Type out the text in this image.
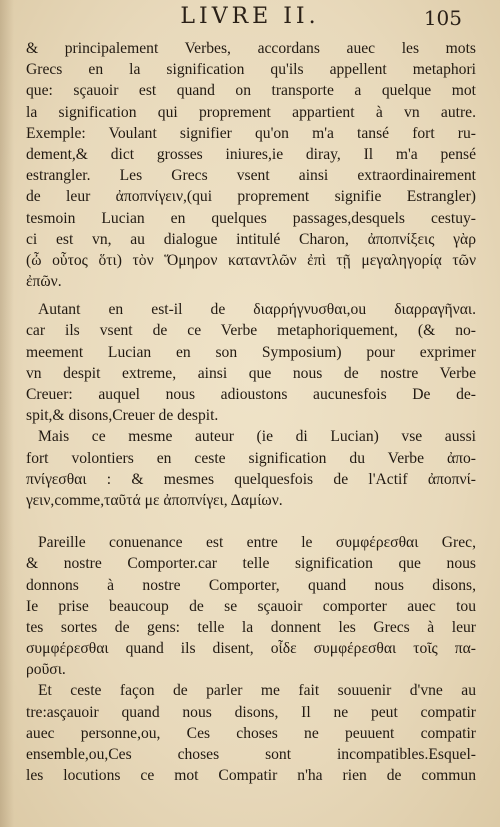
LIVRE II.	105
& principalement Verbes, accordans auec les mots
Grecs en la signification qu'ils appellent metaphori
que: sçauoir est quand on transporte a quelque mot
la signification qui proprement appartient à vn autre.
Exemple: Voulant signifier qu'on m'a tansé fort ru-
dement,& dict grosses iniures,ie diray, Il m'a pensé
estrangler. Les Grecs vsent ainsi extraordinairement
de leur ἀποπνίγειν,(qui proprement signifie Estrangler)
tesmoin Lucian en quelques passages,desquels cestuy-
ci est vn, au dialogue intitulé Charon, ἀποπνίξεις γὰρ
(ὦ οὗτος ὅτι) τὸν Ὅμηρον καταντλῶν ἐπὶ τῇ μεγαληγορίᾳ τῶν
ἐπῶν.
Autant en est-il de διαρρήγνυσθαι,ou διαρραγῆναι.
car ils vsent de ce Verbe metaphoriquement, (& no-
meement Lucian en son Symposium) pour exprimer
vn despit extreme, ainsi que nous de nostre Verbe
Creuer: auquel nous adioustons aucunesfois De de-
spit,& disons,Creuer de despit.
Mais ce mesme auteur (ie di Lucian) vse aussi
fort volontiers en ceste signification du Verbe ἀπο-
πνίγεσθαι : & mesmes quelquesfois de l'Actif ἀποπνί-
γειν,comme,ταῦτά με ἀποπνίγει, Δαμίων.
Pareille conuenance est entre le συμφέρεσθαι Grec,
& nostre Comporter.car telle signification que nous
donnons à nostre Comporter, quand nous disons,
Ie prise beaucoup de se sçauoir comporter auec tou
tes sortes de gens: telle la donnent les Grecs à leur
συμφέρεσθαι quand ils disent, οἶδε συμφέρεσθαι τοῖς πα-
ροῦσι.
Et ceste façon de parler me fait souuenir d'vne au
tre:asçauoir quand nous disons, Il ne peut compatir
auec personne,ou, Ces choses ne peuuent compatir
ensemble,ou,Ces choses sont incompatibles.Esquel-
les locutions ce mot Compatir n'ha rien de commun
